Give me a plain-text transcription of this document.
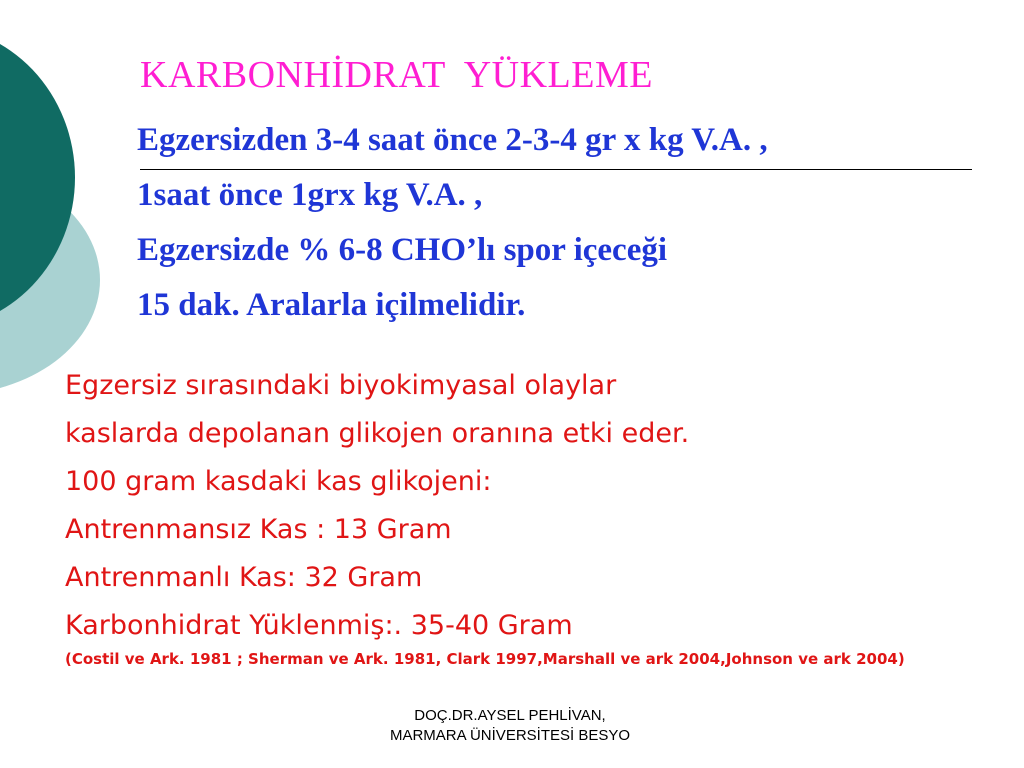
KARBONHİDRAT  YÜKLEME
Egzersizden 3-4 saat önce 2-3-4 gr x kg V.A. ,
1saat önce 1grx kg V.A. ,
Egzersizde % 6-8 CHO’lı spor içeceği
15 dak. Aralarla içilmelidir.
Egzersiz sırasındaki biyokimyasal olaylar
kaslarda depolanan glikojen oranına etki eder.
100 gram kasdaki kas glikojeni:
Antrenmansız Kas : 13 Gram
Antrenmanlı Kas: 32 Gram
Karbonhidrat Yüklenmiş:. 35-40 Gram
(Costil ve Ark. 1981 ; Sherman ve Ark. 1981, Clark 1997,Marshall ve ark 2004,Johnson ve ark 2004)
DOÇ.DR.AYSEL PEHLİVAN,
MARMARA ÜNİVERSİTESİ BESYO
